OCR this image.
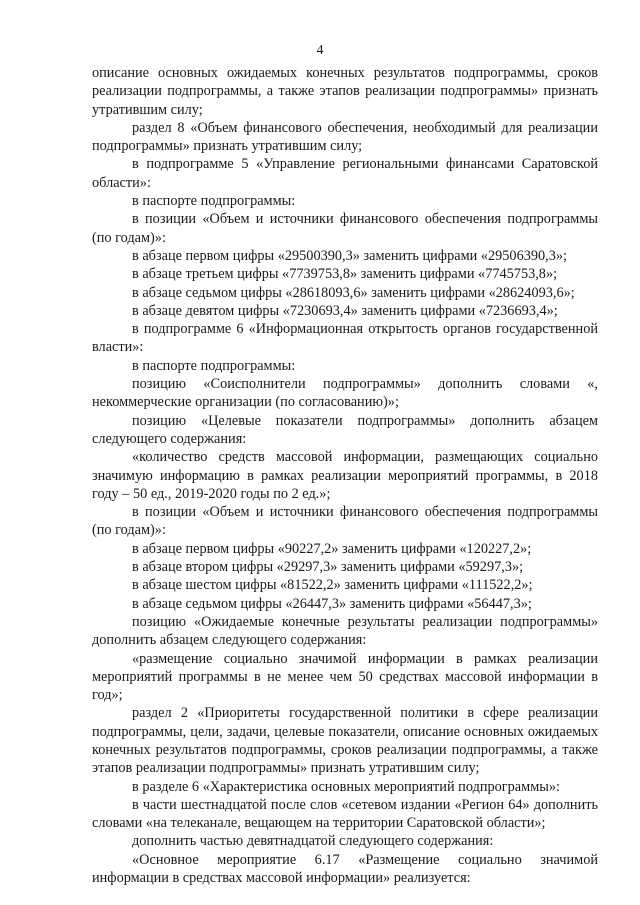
4

описание основных ожидаемых конечных результатов подпрограммы, сроков реализации подпрограммы, а также этапов реализации подпрограммы» признать утратившим силу;

раздел 8 «Объем финансового обеспечения, необходимый для реализации подпрограммы» признать утратившим силу;

в подпрограмме 5 «Управление региональными финансами Саратовской области»:

в паспорте подпрограммы:

в позиции «Объем и источники финансового обеспечения подпрограммы (по годам)»:

в абзаце первом цифры «29500390,3» заменить цифрами «29506390,3»;

в абзаце третьем цифры «7739753,8» заменить цифрами «7745753,8»;

в абзаце седьмом цифры «28618093,6» заменить цифрами «28624093,6»;

в абзаце девятом цифры «7230693,4» заменить цифрами «7236693,4»;

в подпрограмме 6 «Информационная открытость органов государственной власти»:

в паспорте подпрограммы:

позицию «Соисполнители подпрограммы» дополнить словами «, некоммерческие организации (по согласованию)»;

позицию «Целевые показатели подпрограммы» дополнить абзацем следующего содержания:

«количество средств массовой информации, размещающих социально значимую информацию в рамках реализации мероприятий программы, в 2018 году – 50 ед., 2019-2020 годы по 2 ед.»;

в позиции «Объем и источники финансового обеспечения подпрограммы (по годам)»:

в абзаце первом цифры «90227,2» заменить цифрами «120227,2»;

в абзаце втором цифры «29297,3» заменить цифрами «59297,3»;

в абзаце шестом цифры «81522,2» заменить цифрами «111522,2»;

в абзаце седьмом цифры «26447,3» заменить цифрами «56447,3»;

позицию «Ожидаемые конечные результаты реализации подпрограммы» дополнить абзацем следующего содержания:

«размещение социально значимой информации в рамках реализации мероприятий программы в не менее чем 50 средствах массовой информации в год»;

раздел 2 «Приоритеты государственной политики в сфере реализации подпрограммы, цели, задачи, целевые показатели, описание основных ожидаемых конечных результатов подпрограммы, сроков реализации подпрограммы, а также этапов реализации подпрограммы» признать утратившим силу;

в разделе 6 «Характеристика основных мероприятий подпрограммы»:

в части шестнадцатой после слов «сетевом издании «Регион 64» дополнить словами «на телеканале, вещающем на территории Саратовской области»;

дополнить частью девятнадцатой следующего содержания:

«Основное мероприятие 6.17 «Размещение социально значимой информации в средствах массовой информации» реализуется:
